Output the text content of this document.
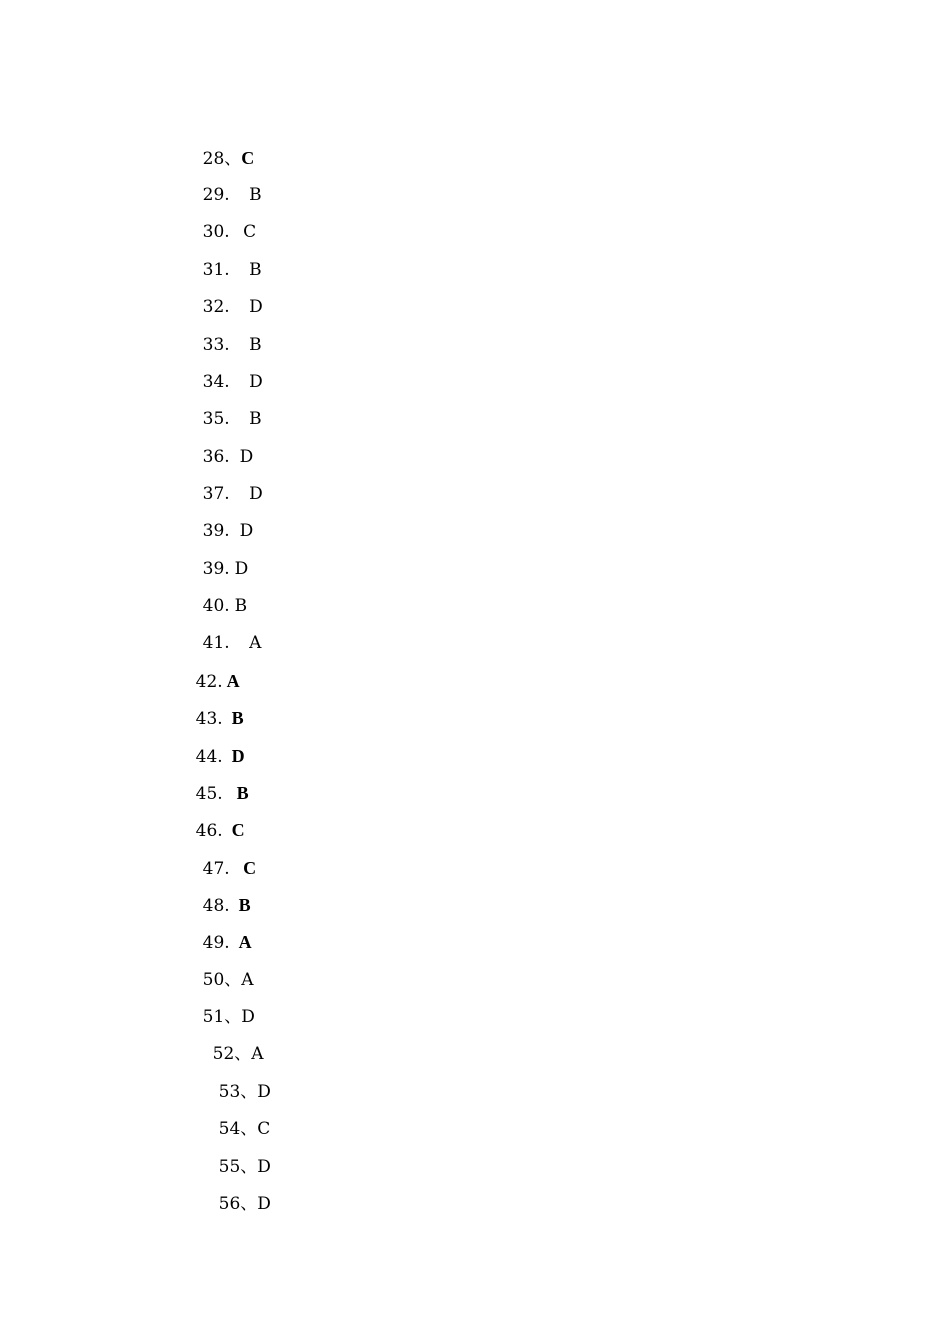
28、C

29. B

30. C

31. B

32. D

33. B

34. D

35. B

36. D

37. D

39. D

39. D

40. B

41. A

42. A

43. B

44. D

45. B

46. C

47. C

48. B

49. A

50、A

51、D

52、A

53、D

54、C

55、D

56、D
